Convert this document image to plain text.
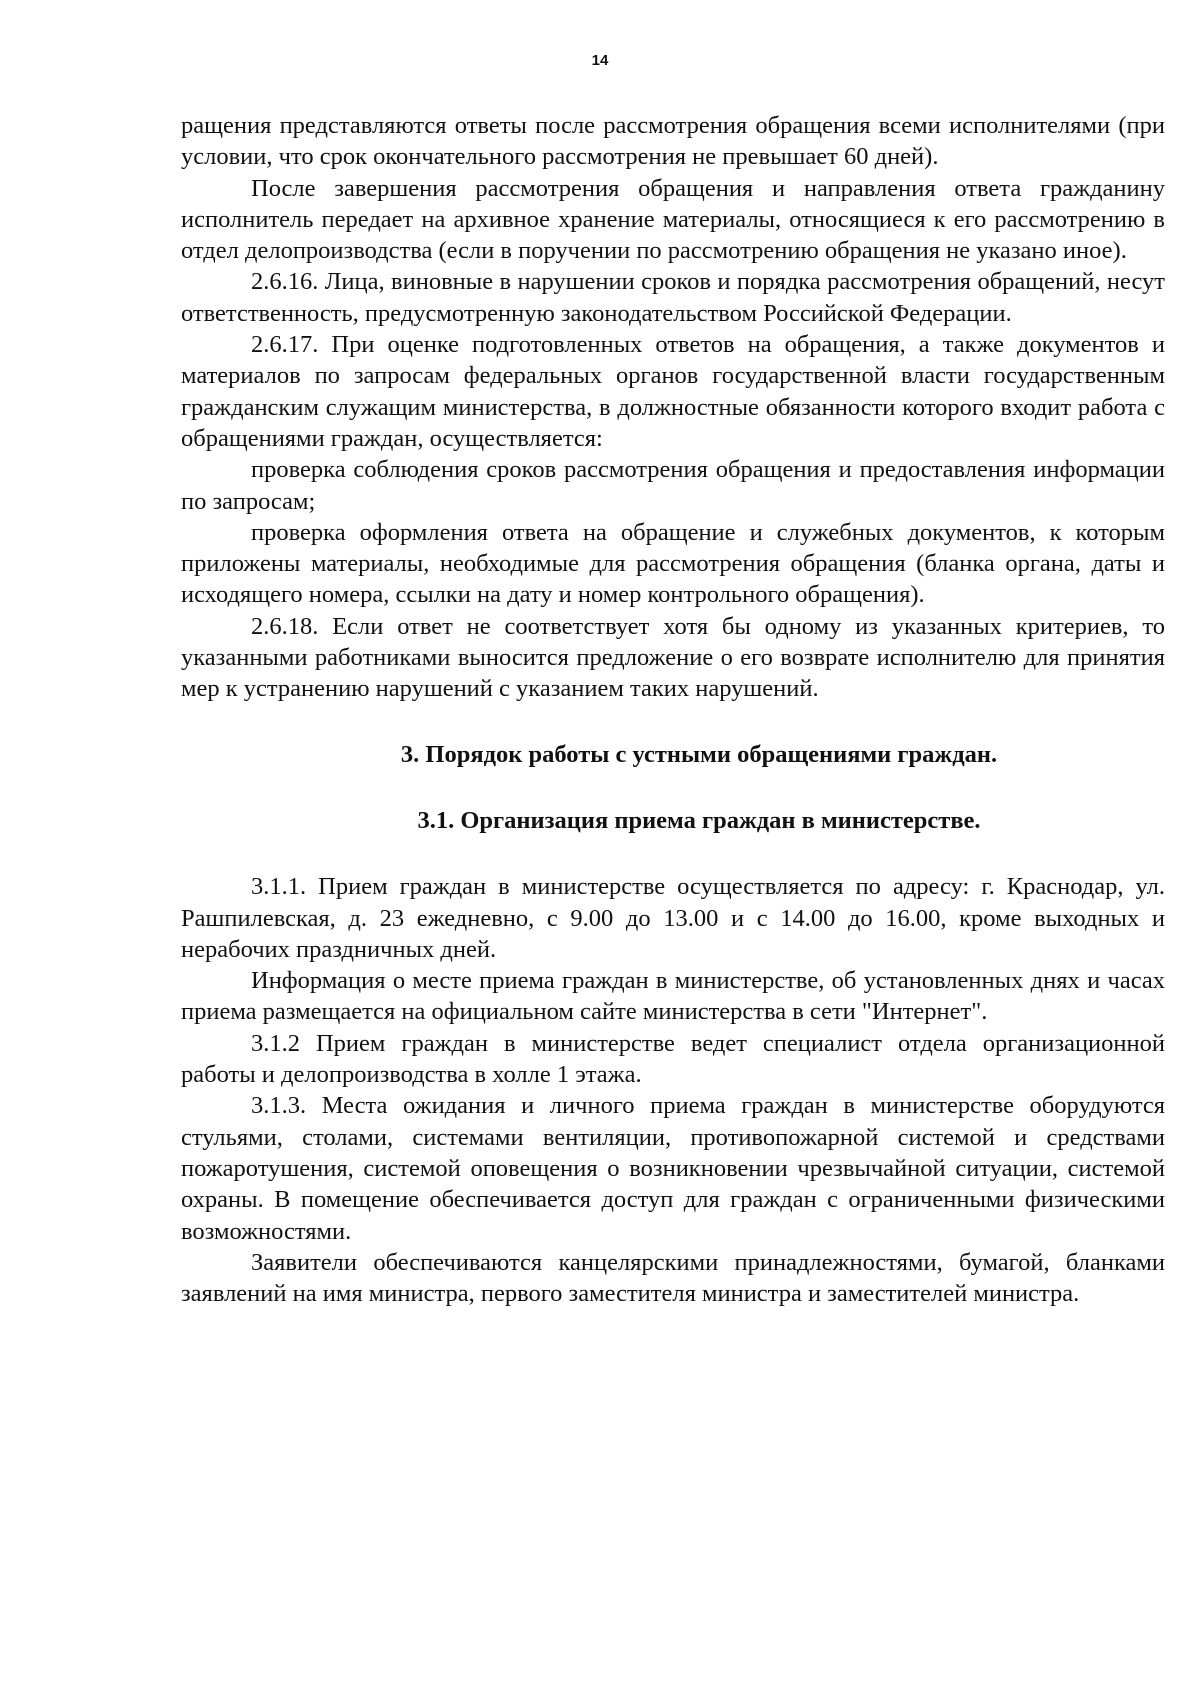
14

ращения представляются ответы после рассмотрения обращения всеми исполнителями (при условии, что срок окончательного рассмотрения не превышает 60 дней).

После завершения рассмотрения обращения и направления ответа гражданину исполнитель передает на архивное хранение материалы, относящиеся к его рассмотрению в отдел делопроизводства (если в поручении по рассмотрению обращения не указано иное).

2.6.16. Лица, виновные в нарушении сроков и порядка рассмотрения обращений, несут ответственность, предусмотренную законодательством Российской Федерации.

2.6.17. При оценке подготовленных ответов на обращения, а также документов и материалов по запросам федеральных органов государственной власти государственным гражданским служащим министерства, в должностные обязанности которого входит работа с обращениями граждан, осуществляется:

проверка соблюдения сроков рассмотрения обращения и предоставления информации по запросам;

проверка оформления ответа на обращение и служебных документов, к которым приложены материалы, необходимые для рассмотрения обращения (бланка органа, даты и исходящего номера, ссылки на дату и номер контрольного обращения).

2.6.18. Если ответ не соответствует хотя бы одному из указанных критериев, то указанными работниками выносится предложение о его возврате исполнителю для принятия мер к устранению нарушений с указанием таких нарушений.

3. Порядок работы с устными обращениями граждан.
3.1. Организация приема граждан в министерстве.

3.1.1. Прием граждан в министерстве осуществляется по адресу: г. Краснодар, ул. Рашпилевская, д. 23 ежедневно, с 9.00 до 13.00 и с 14.00 до 16.00, кроме выходных и нерабочих праздничных дней.

Информация о месте приема граждан в министерстве, об установленных днях и часах приема размещается на официальном сайте министерства в сети "Интернет".

3.1.2 Прием граждан в министерстве ведет специалист отдела организационной работы и делопроизводства в холле 1 этажа.

3.1.3. Места ожидания и личного приема граждан в министерстве оборудуются стульями, столами, системами вентиляции, противопожарной системой и средствами пожаротушения, системой оповещения о возникновении чрезвычайной ситуации, системой охраны. В помещение обеспечивается доступ для граждан с ограниченными физическими возможностями.

Заявители обеспечиваются канцелярскими принадлежностями, бумагой, бланками заявлений на имя министра, первого заместителя министра и заместителей министра.
